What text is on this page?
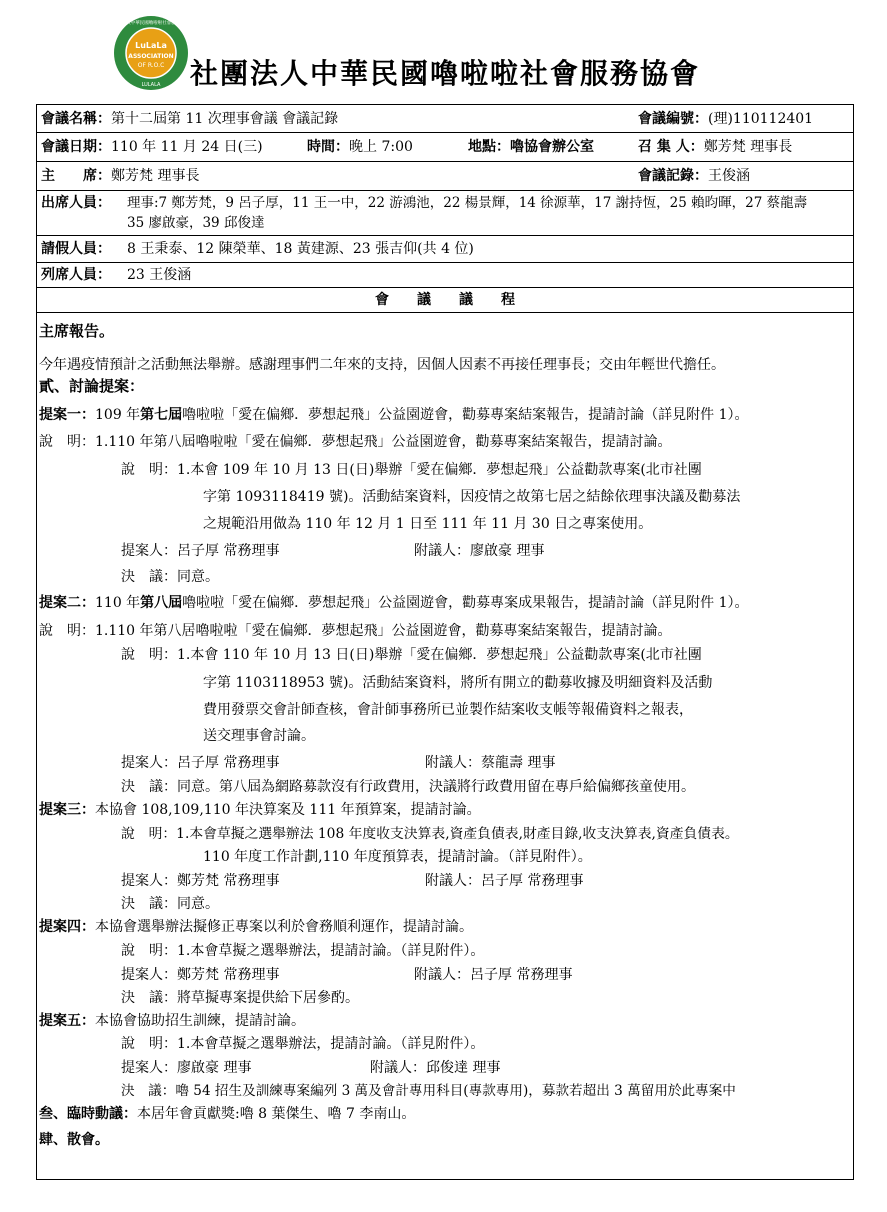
社團法人中華民國嚕啦啦社會服務協會
LuLaLa
ASSOCIATION
OF R.O.C
LULALA 社團法人中華民國嚕啦啦社會服務協會
會議名稱：第十二屆第 11 次理事會議 會議記錄	會議編號：(理)110112401
會議日期：110 年 11 月 24 日(三)	時間：晚上 7:00	地點：嚕協會辦公室	召 集 人：鄭芳梵 理事長
主　　席：鄭芳梵 理事長	會議記錄：王俊涵
出席人員： 理事:7 鄭芳梵，9 呂子厚，11 王一中，22 游鴻池，22 楊景輝，14 徐源華，17 謝持恆，25 賴昀暉，27 蔡龍壽
35 廖啟豪，39 邱俊達
請假人員： 8 王秉泰、12 陳榮華、18 黃建源、23 張吉仰(共 4 位)
列席人員： 23 王俊涵
會　　議　　議　　程
主席報告。
今年遇疫情預計之活動無法舉辦。感謝理事們二年來的支持，因個人因素不再接任理事長；交由年輕世代擔任。
貳、討論提案：
提案一：109 年第七屆嚕啦啦「愛在偏鄉．夢想起飛」公益園遊會，勸募專案結案報告，提請討論（詳見附件 1）。
說　明：1.110 年第八屆嚕啦啦「愛在偏鄉．夢想起飛」公益園遊會，勸募專案結案報告，提請討論。
說　明：1.本會 109 年 10 月 13 日(日)舉辦「愛在偏鄉．夢想起飛」公益勸款專案(北市社團
字第 1093118419 號)。活動結案資料，因疫情之故第七居之結餘依理事決議及勸募法
之規範沿用做為 110 年 12 月 1 日至 111 年 11 月 30 日之專案使用。
提案人：呂子厚 常務理事	附議人：廖啟豪 理事
決　議：同意。
提案二：110 年第八屆嚕啦啦「愛在偏鄉．夢想起飛」公益園遊會，勸募專案成果報告，提請討論（詳見附件 1）。
說　明：1.110 年第八居嚕啦啦「愛在偏鄉．夢想起飛」公益園遊會，勸募專案結案報告，提請討論。
說　明：1.本會 110 年 10 月 13 日(日)舉辦「愛在偏鄉．夢想起飛」公益勸款專案(北市社團
字第 1103118953 號)。活動結案資料，將所有開立的勸募收據及明細資料及活動
費用發票交會計師查核，會計師事務所已並製作結案收支帳等報備資料之報表，
送交理事會討論。
提案人：呂子厚 常務理事	附議人：蔡龍壽 理事
決　議：同意。第八屆為網路募款沒有行政費用，決議將行政費用留在專戶給偏鄉孩童使用。
提案三：本協會 108,109,110 年決算案及 111 年預算案，提請討論。
說　明：1.本會草擬之選舉辦法 108 年度收支決算表,資產負債表,財產目錄,收支決算表,資產負債表。
110 年度工作計劃,110 年度預算表，提請討論。（詳見附件）。
提案人：鄭芳梵 常務理事	附議人：呂子厚 常務理事
決　議：同意。
提案四：本協會選舉辦法擬修正專案以利於會務順利運作，提請討論。
說　明：1.本會草擬之選舉辦法，提請討論。（詳見附件）。
提案人：鄭芳梵 常務理事	附議人：呂子厚 常務理事
決　議：將草擬專案提供給下居參酌。
提案五：本協會協助招生訓練，提請討論。
說　明：1.本會草擬之選舉辦法，提請討論。（詳見附件）。
提案人：廖啟豪 理事	附議人：邱俊達 理事
決　議：嚕 54 招生及訓練專案編列 3 萬及會計專用科目(專款專用)，募款若超出 3 萬留用於此專案中
叁、臨時動議：本居年會貢獻獎:嚕 8 葉傑生、嚕 7 李南山。
肆、散會。
